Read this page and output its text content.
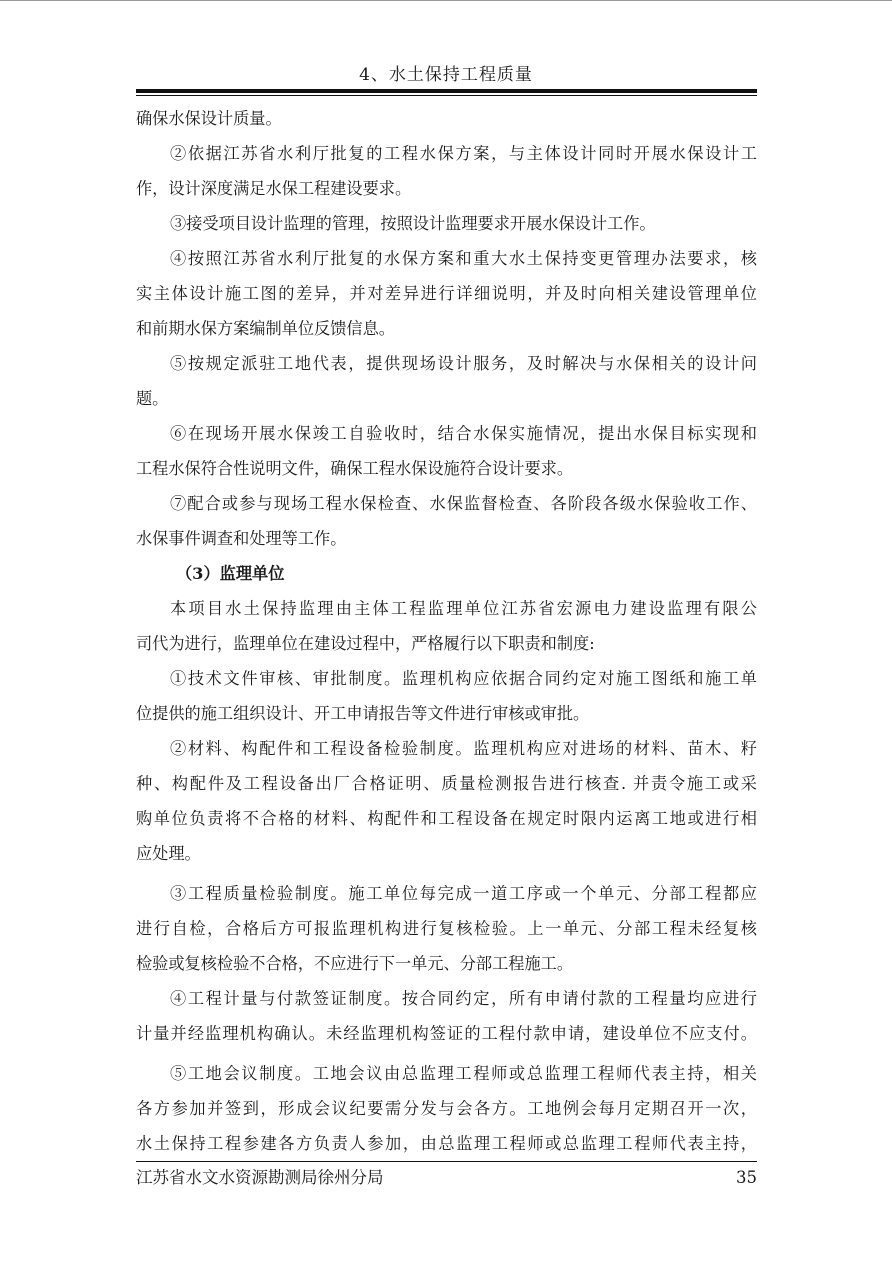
4、水土保持工程质量
确保水保设计质量。
②依据江苏省水利厅批复的工程水保方案，与主体设计同时开展水保设计工
作，设计深度满足水保工程建设要求。
③接受项目设计监理的管理，按照设计监理要求开展水保设计工作。
④按照江苏省水利厅批复的水保方案和重大水土保持变更管理办法要求，核
实主体设计施工图的差异，并对差异进行详细说明，并及时向相关建设管理单位
和前期水保方案编制单位反馈信息。
⑤按规定派驻工地代表，提供现场设计服务，及时解决与水保相关的设计问
题。
⑥在现场开展水保竣工自验收时，结合水保实施情况，提出水保目标实现和
工程水保符合性说明文件，确保工程水保设施符合设计要求。
⑦配合或参与现场工程水保检查、水保监督检查、各阶段各级水保验收工作、
水保事件调查和处理等工作。
（3）监理单位
本项目水土保持监理由主体工程监理单位江苏省宏源电力建设监理有限公
司代为进行，监理单位在建设过程中，严格履行以下职责和制度:
①技术文件审核、审批制度。监理机构应依据合同约定对施工图纸和施工单
位提供的施工组织设计、开工申请报告等文件进行审核或审批。
②材料、构配件和工程设备检验制度。监理机构应对进场的材料、苗木、籽
种、构配件及工程设备出厂合格证明、质量检测报告进行核查. 并责令施工或采
购单位负责将不合格的材料、构配件和工程设备在规定时限内运离工地或进行相
应处理。
③工程质量检验制度。施工单位每完成一道工序或一个单元、分部工程都应
进行自检，合格后方可报监理机构进行复核检验。上一单元、分部工程未经复核
检验或复核检验不合格，不应进行下一单元、分部工程施工。
④工程计量与付款签证制度。按合同约定，所有申请付款的工程量均应进行
计量并经监理机构确认。未经监理机构签证的工程付款申请，建设单位不应支付。
⑤工地会议制度。工地会议由总监理工程师或总监理工程师代表主持，相关
各方参加并签到，形成会议纪要需分发与会各方。工地例会每月定期召开一次，
水土保持工程参建各方负责人参加，由总监理工程师或总监理工程师代表主持，
江苏省水文水资源勘测局徐州分局	35
